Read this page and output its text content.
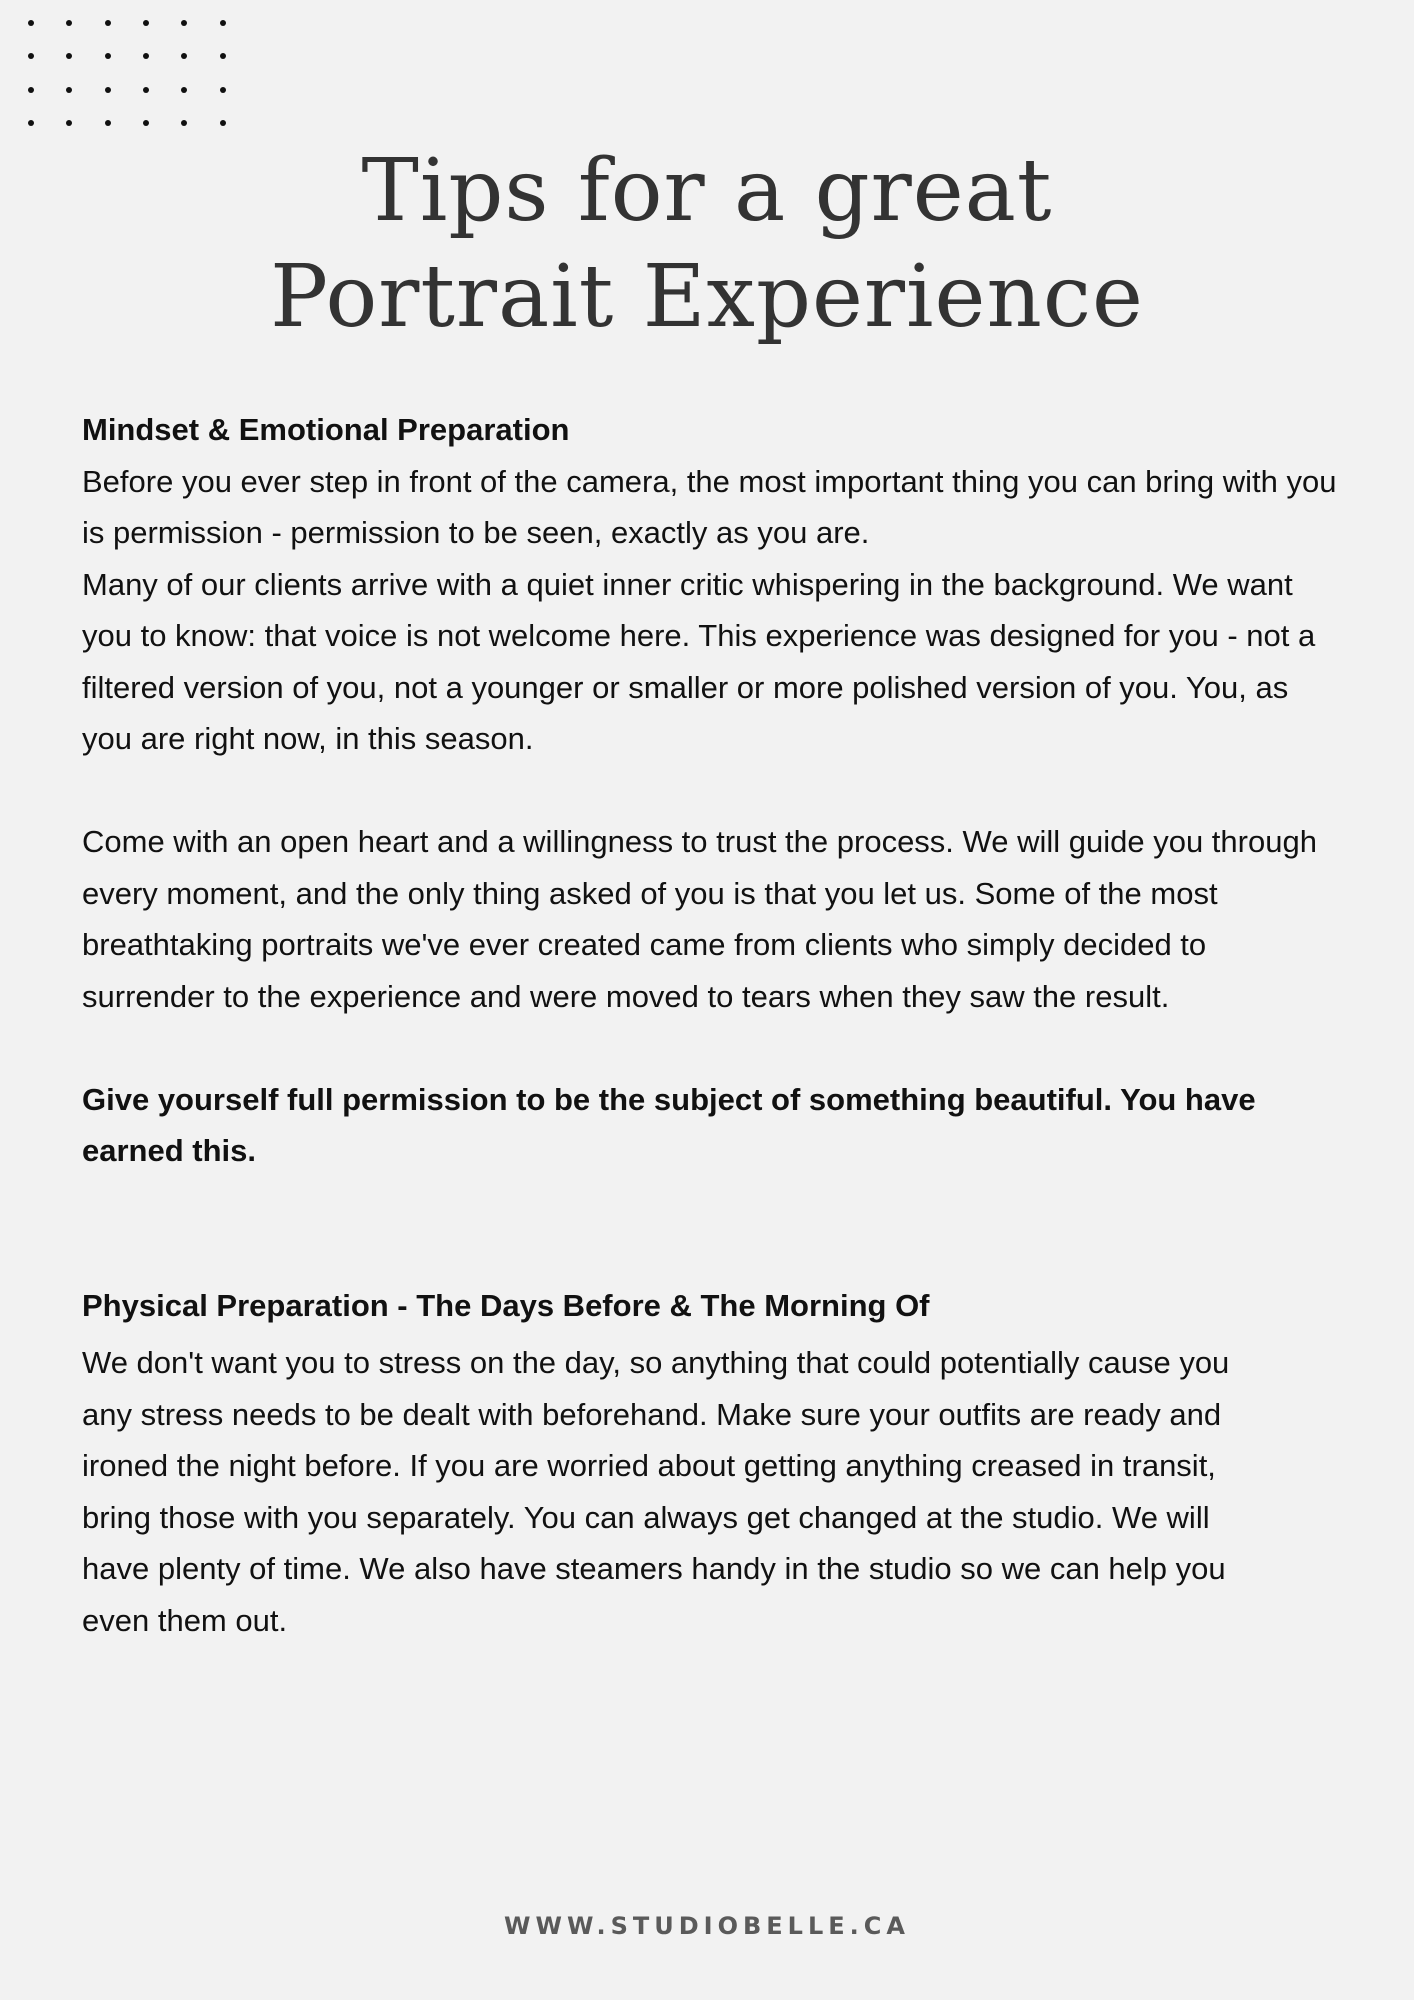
Tips for a great
Portrait Experience
Mindset & Emotional Preparation

Before you ever step in front of the camera, the most important thing you can bring with you is permission - permission to be seen, exactly as you are.

Many of our clients arrive with a quiet inner critic whispering in the background. We want you to know: that voice is not welcome here. This experience was designed for you - not a filtered version of you, not a younger or smaller or more polished version of you. You, as you are right now, in this season.

Come with an open heart and a willingness to trust the process. We will guide you through every moment, and the only thing asked of you is that you let us. Some of the most breathtaking portraits we've ever created came from clients who simply decided to surrender to the experience and were moved to tears when they saw the result.

Give yourself full permission to be the subject of something beautiful. You have earned this.

Physical Preparation - The Days Before & The Morning Of

We don't want you to stress on the day, so anything that could potentially cause you any stress needs to be dealt with beforehand. Make sure your outfits are ready and ironed the night before. If you are worried about getting anything creased in transit, bring those with you separately. You can always get changed at the studio. We will have plenty of time. We also have steamers handy in the studio so we can help you even them out.

WWW.STUDIOBELLE.CA
